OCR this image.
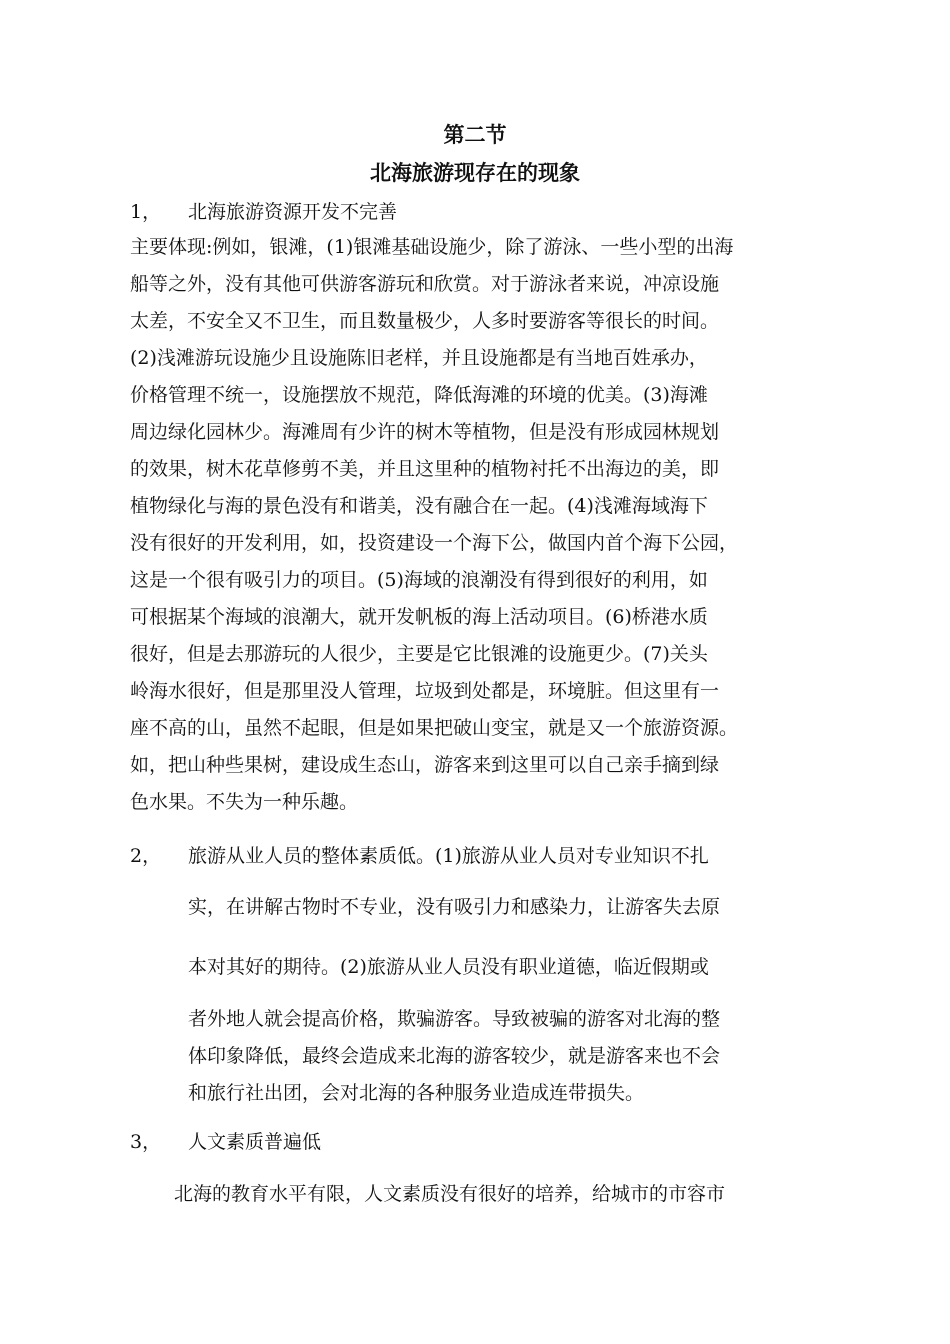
第二节
北海旅游现存在的现象
1， 北海旅游资源开发不完善
主要体现:例如，银滩，(1)银滩基础设施少，除了游泳、一些小型的出海
船等之外，没有其他可供游客游玩和欣赏。对于游泳者来说，冲凉设施
太差，不安全又不卫生，而且数量极少，人多时要游客等很长的时间。
(2)浅滩游玩设施少且设施陈旧老样，并且设施都是有当地百姓承办，
价格管理不统一，设施摆放不规范，降低海滩的环境的优美。(3)海滩
周边绿化园林少。海滩周有少许的树木等植物，但是没有形成园林规划
的效果，树木花草修剪不美，并且这里种的植物衬托不出海边的美，即
植物绿化与海的景色没有和谐美，没有融合在一起。(4)浅滩海域海下
没有很好的开发利用，如，投资建设一个海下公，做国内首个海下公园，
这是一个很有吸引力的项目。(5)海域的浪潮没有得到很好的利用，如
可根据某个海域的浪潮大，就开发帆板的海上活动项目。(6)桥港水质
很好，但是去那游玩的人很少，主要是它比银滩的设施更少。(7)关头
岭海水很好，但是那里没人管理，垃圾到处都是，环境脏。但这里有一
座不高的山，虽然不起眼，但是如果把破山变宝，就是又一个旅游资源。
如，把山种些果树，建设成生态山，游客来到这里可以自己亲手摘到绿
色水果。不失为一种乐趣。
2， 旅游从业人员的整体素质低。(1)旅游从业人员对专业知识不扎
实，在讲解古物时不专业，没有吸引力和感染力，让游客失去原
本对其好的期待。(2)旅游从业人员没有职业道德，临近假期或
者外地人就会提高价格，欺骗游客。导致被骗的游客对北海的整
体印象降低，最终会造成来北海的游客较少，就是游客来也不会
和旅行社出团，会对北海的各种服务业造成连带损失。
3， 人文素质普遍低
北海的教育水平有限，人文素质没有很好的培养，给城市的市容市
